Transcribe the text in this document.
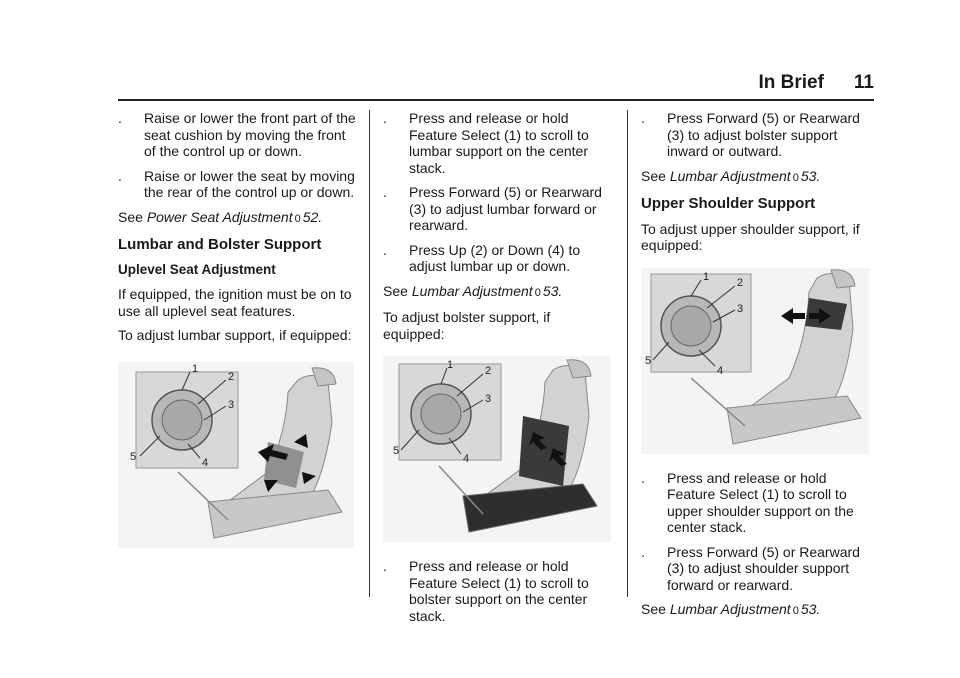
In Brief 11
. Raise or lower the front part of the seat cushion by moving the front of the control up or down.
. Raise or lower the seat by moving the rear of the control up or down.

See Power Seat Adjustment 0 52.

Lumbar and Bolster Support
Uplevel Seat Adjustment

If equipped, the ignition must be on to use all uplevel seat features.

To adjust lumbar support, if equipped:

1
2
3
4
5
. Press and release or hold Feature Select (1) to scroll to lumbar support on the center stack.
. Press Forward (5) or Rearward (3) to adjust lumbar forward or rearward.
. Press Up (2) or Down (4) to adjust lumbar up or down.

See Lumbar Adjustment 0 53.

To adjust bolster support, if equipped:

1	2
3
4
5
. Press and release or hold Feature Select (1) to scroll to bolster support on the center stack.
. Press Forward (5) or Rearward (3) to adjust bolster support inward or outward.

See Lumbar Adjustment 0 53.

Upper Shoulder Support

To adjust upper shoulder support, if equipped:

1	2
3
4
5
. Press and release or hold Feature Select (1) to scroll to upper shoulder support on the center stack.
. Press Forward (5) or Rearward (3) to adjust shoulder support forward or rearward.

See Lumbar Adjustment 0 53.
